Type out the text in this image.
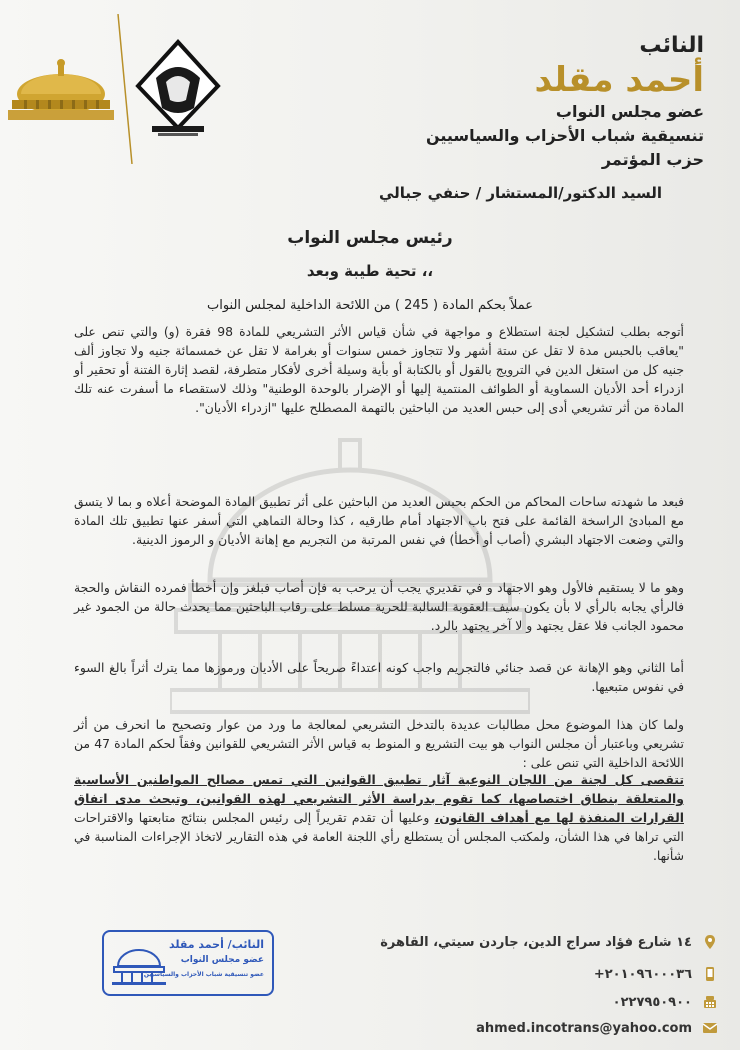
النائب
أحمد مقلد
عضو مجلس النواب
تنسيقية شباب الأحزاب والسياسيين
حزب المؤتمر
السيد الدكتور/المستشار / حنفي جبالي
رئيس مجلس النواب
تحية طيبة وبعد ،،
عملاً بحكم المادة ( 245 ) من اللائحة الداخلية لمجلس النواب
أتوجه بطلب لتشكيل لجنة استطلاع و مواجهة في شأن قياس الأثر التشريعي للمادة 98 فقرة (و) والتي تنص على "يعاقب بالحبس مدة لا تقل عن ستة أشهر ولا تتجاوز خمس سنوات أو بغرامة لا تقل عن خمسمائة جنيه ولا تجاوز ألف جنيه كل من استغل الدين في الترويج بالقول أو بالكتابة أو بأية وسيلة أخرى لأفكار متطرفة، لقصد إثارة الفتنة أو تحقير أو ازدراء أحد الأديان السماوية أو الطوائف المنتمية إليها أو الإضرار بالوحدة الوطنية" وذلك لاستقصاء ما أسفرت عنه تلك المادة من أثر تشريعي أدى إلى حبس العديد من الباحثين بالتهمة المصطلح عليها "ازدراء الأديان".
فبعد ما شهدته ساحات المحاكم من الحكم بحبس العديد من الباحثين على أثر تطبيق المادة الموضحة أعلاه و بما لا يتسق مع المبادئ الراسخة القائمة على فتح باب الاجتهاد أمام طارقيه ، كذا وحالة التماهي التي أسفر عنها تطبيق تلك المادة والتي وضعت الاجتهاد البشري (أصاب أو أخطأ) في نفس المرتبة من التجريم مع إهانة الأديان و الرموز الدينية.
وهو ما لا يستقيم فالأول وهو الاجتهاد و في تقديري يجب أن يرحب به فإن أصاب فبلغز وإن أخطأ فمرده النقاش والحجة فالرأي يجابه بالرأي لا بأن يكون سيف العقوبة السالبة للحرية مسلط على رقاب الباحثين مما يحدث حالة من الجمود غير محمود الجانب فلا عقل يجتهد و لا آخر يجتهد بالرد.
أما الثاني وهو الإهانة عن قصد جنائي فالتجريم واجب كونه اعتداءً صريحاً على الأديان ورموزها مما يترك أثراً بالغ السوء في نفوس متبعيها.
ولما كان هذا الموضوع محل مطالبات عديدة بالتدخل التشريعي لمعالجة ما ورد من عوار وتصحيح ما انحرف من أثر تشريعي وباعتبار أن مجلس النواب هو بيت التشريع و المنوط به قياس الأثر التشريعي للقوانين وفقاً لحكم المادة 47 من اللائحة الداخلية التي تنص على :
تتقصى كل لجنة من اللجان النوعية آثار تطبيق القوانين التي تمس مصالح المواطنين الأساسية والمتعلقة بنطاق اختصاصها، كما تقوم بدراسة الأثر التشريعي لهذه القوانين، وتبحث مدى اتفاق القرارات المنفذة لها مع أهداف القانون، وعليها أن تقدم تقريراً إلى رئيس المجلس بنتائج متابعتها والاقتراحات التي تراها في هذا الشأن، ولمكتب المجلس أن يستطلع رأي اللجنة العامة في هذه التقارير لاتخاذ الإجراءات المناسبة في شأنها.
النائب/ أحمد مقلد
عضو مجلس النواب
عضو تنسيقية شباب الأحزاب والسياسيين
١٤ شارع فؤاد سراج الدين، جاردن سيتي، القاهرة
+٢٠١٠٩٦٠٠٠٣٦
٠٢٢٧٩٥٠٩٠٠
ahmed.incotrans@yahoo.com
